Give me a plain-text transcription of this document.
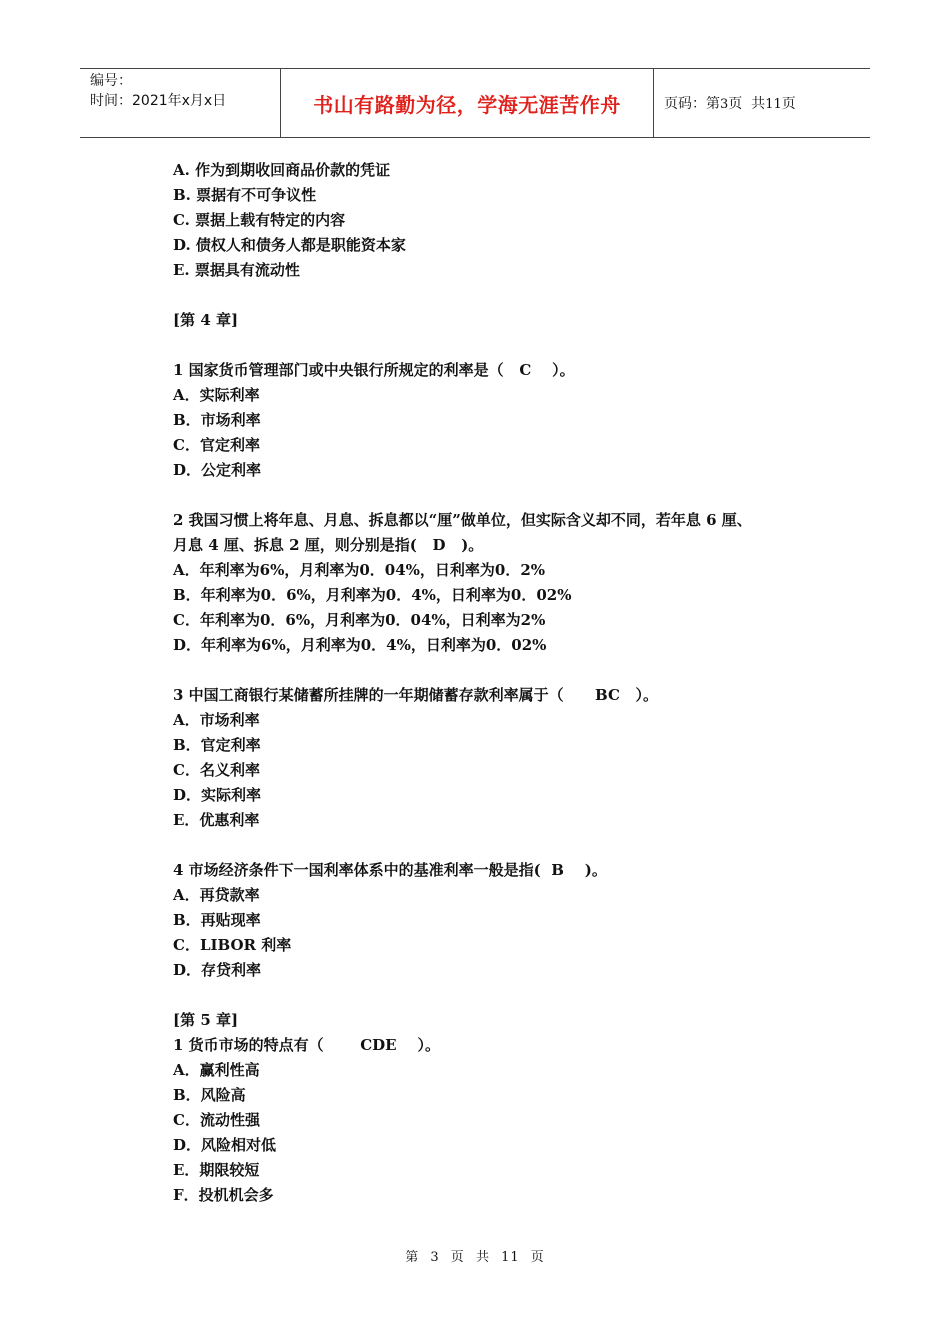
编号：
时间：2021年x月x日	书山有路勤为径，学海无涯苦作舟	页码：第3页  共11页
A. 作为到期收回商品价款的凭证
B. 票据有不可争议性
C. 票据上载有特定的内容
D. 债权人和债务人都是职能资本家
E. 票据具有流动性
[第 4 章]
1 国家货币管理部门或中央银行所规定的利率是（   C    ）。
A．实际利率
B．市场利率
C．官定利率
D．公定利率
2 我国习惯上将年息、月息、拆息都以“厘”做单位，但实际含义却不同，若年息 6 厘、
月息 4 厘、拆息 2 厘，则分别是指(   D   )。
A．年利率为6%，月利率为0．04%，日利率为0．2%
B．年利率为0．6%，月利率为0．4%，日利率为0．02%
C．年利率为0．6%，月利率为0．04%，日利率为2%
D．年利率为6%，月利率为0．4%，日利率为0．02%
3 中国工商银行某储蓄所挂牌的一年期储蓄存款利率属于（      BC   ）。
A．市场利率
B．官定利率
C．名义利率
D．实际利率
E．优惠利率
4 市场经济条件下一国利率体系中的基准利率一般是指(  B    )。
A．再贷款率
B．再贴现率
C．LIBOR 利率
D．存贷利率
[第 5 章]
1 货币市场的特点有（       CDE    ）。
A．赢利性高
B．风险高
C．流动性强
D．风险相对低
E．期限较短
F．投机机会多
第 3 页 共 11 页
